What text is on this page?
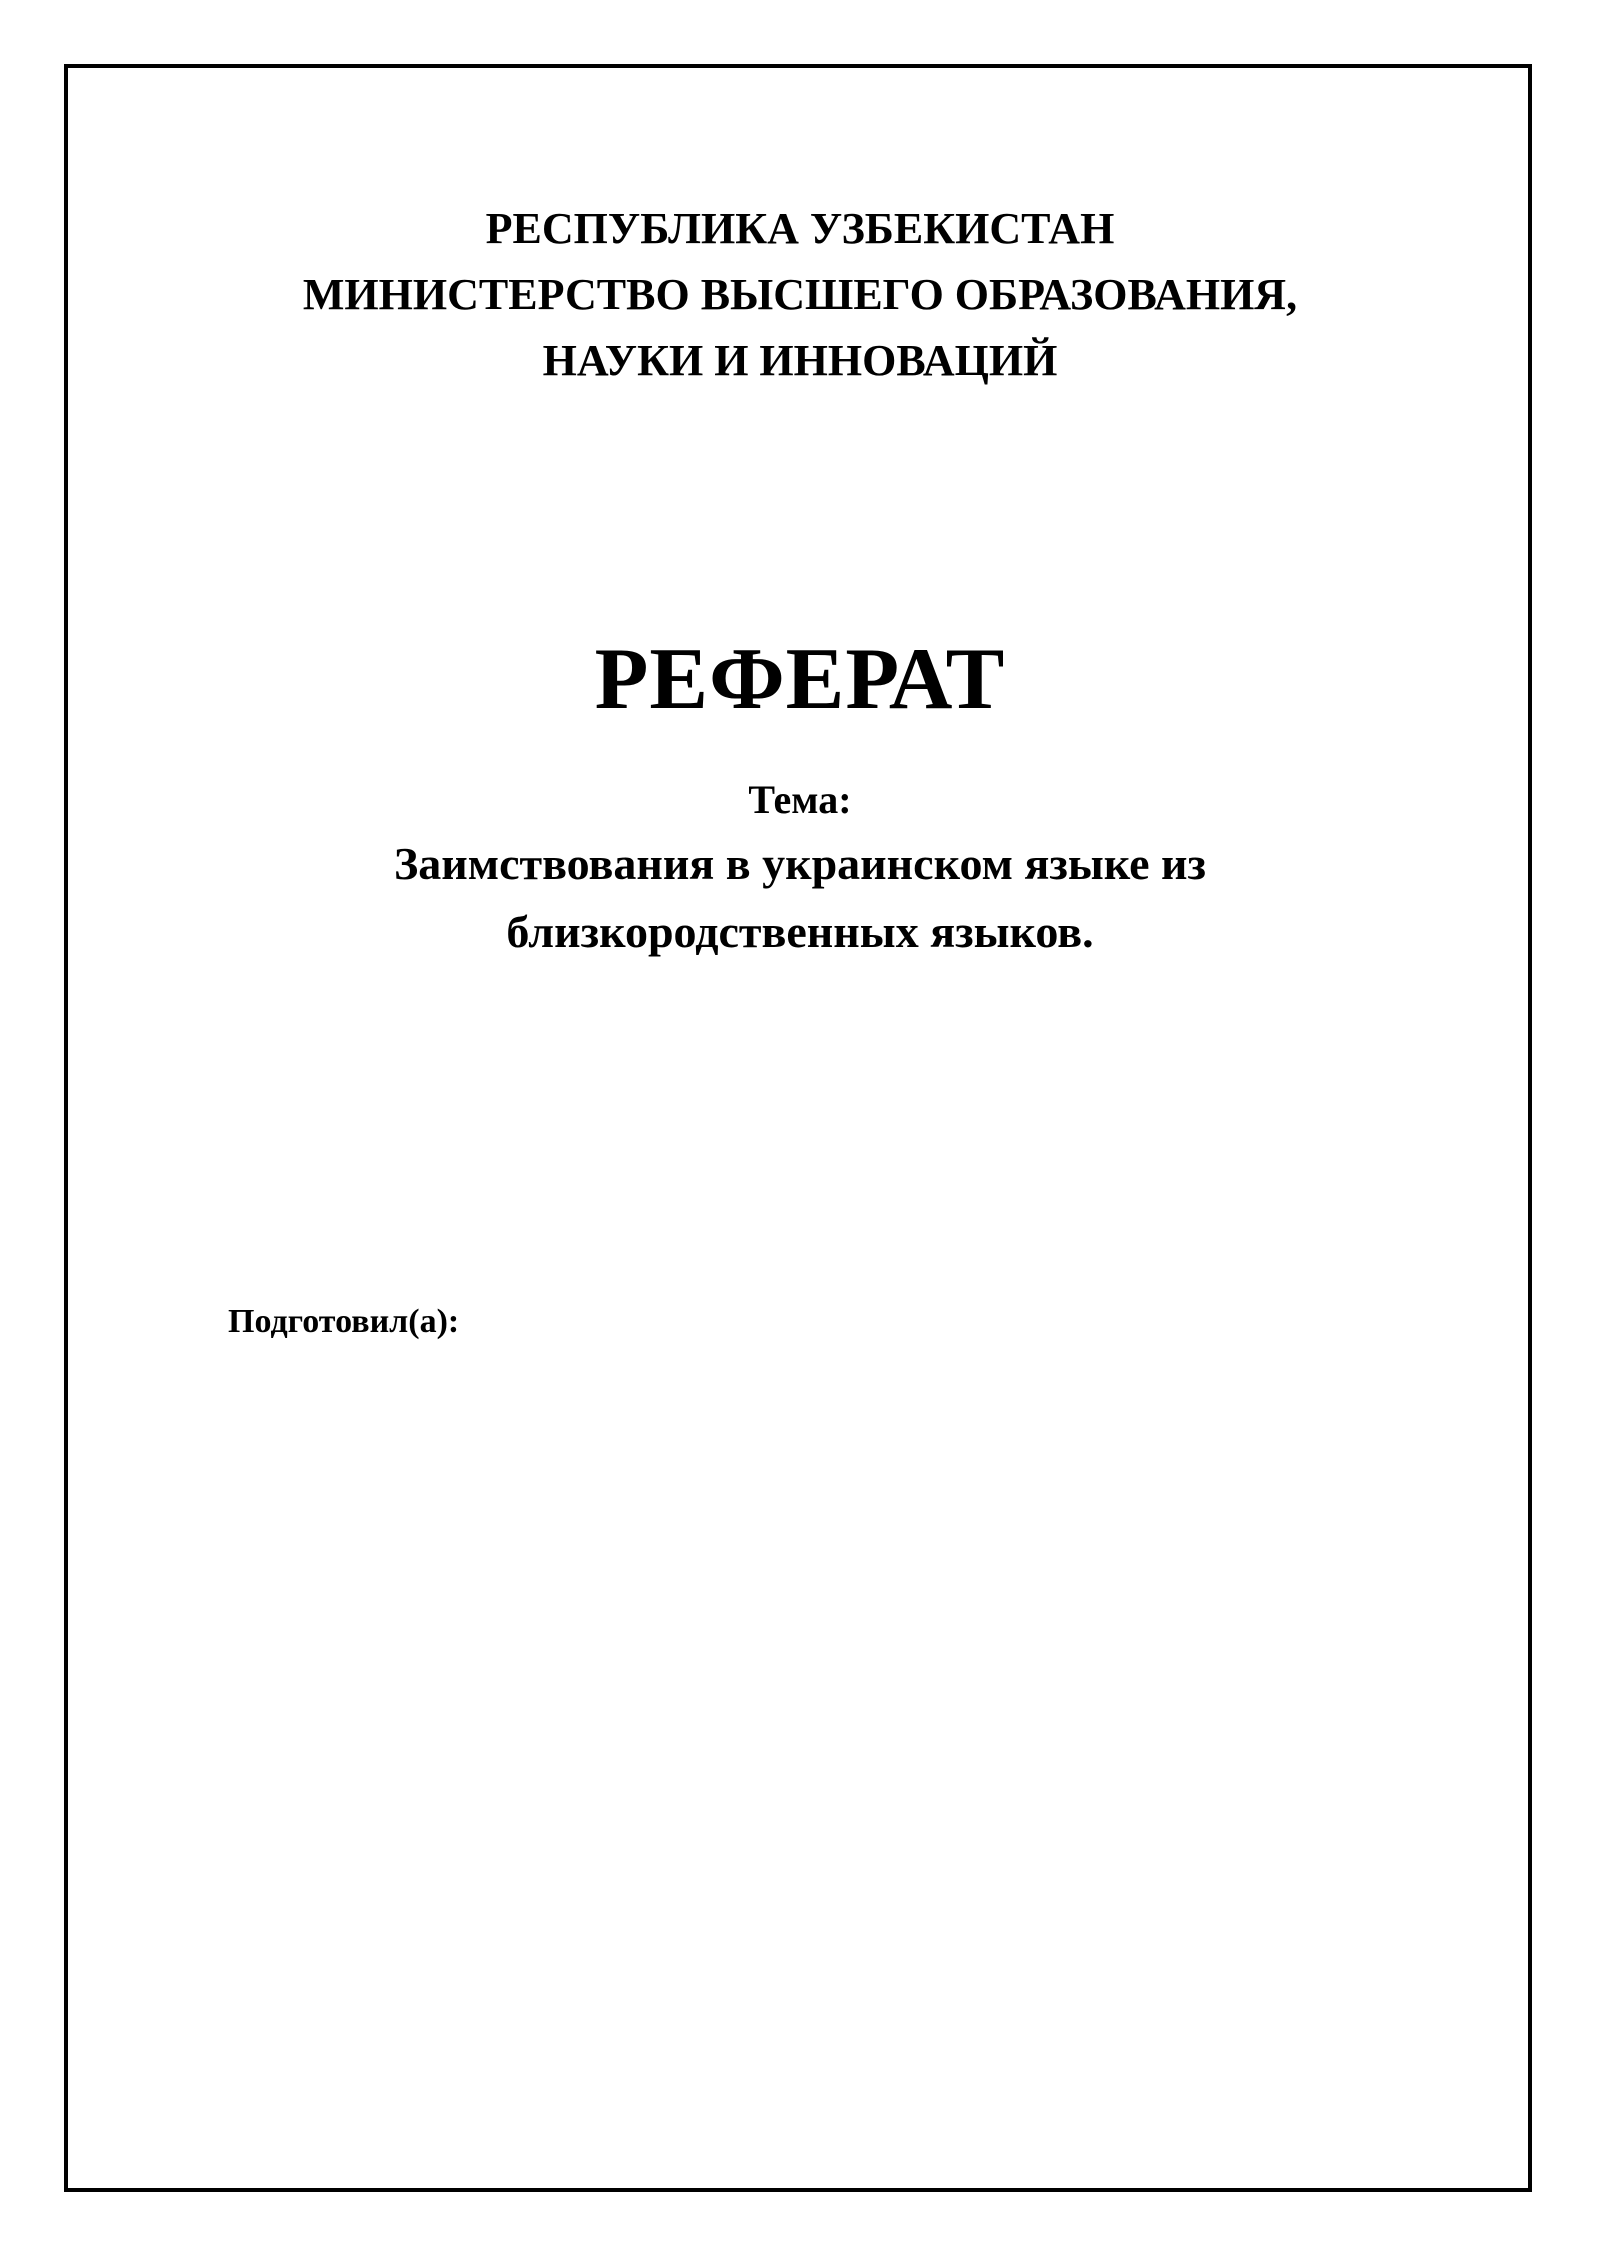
РЕСПУБЛИКА УЗБЕКИСТАН
МИНИСТЕРСТВО ВЫСШЕГО ОБРАЗОВАНИЯ,
НАУКИ И ИННОВАЦИЙ
РЕФЕРАТ
Тема:
Заимствования в украинском языке из
близкородственных языков.
Подготовил(а):
